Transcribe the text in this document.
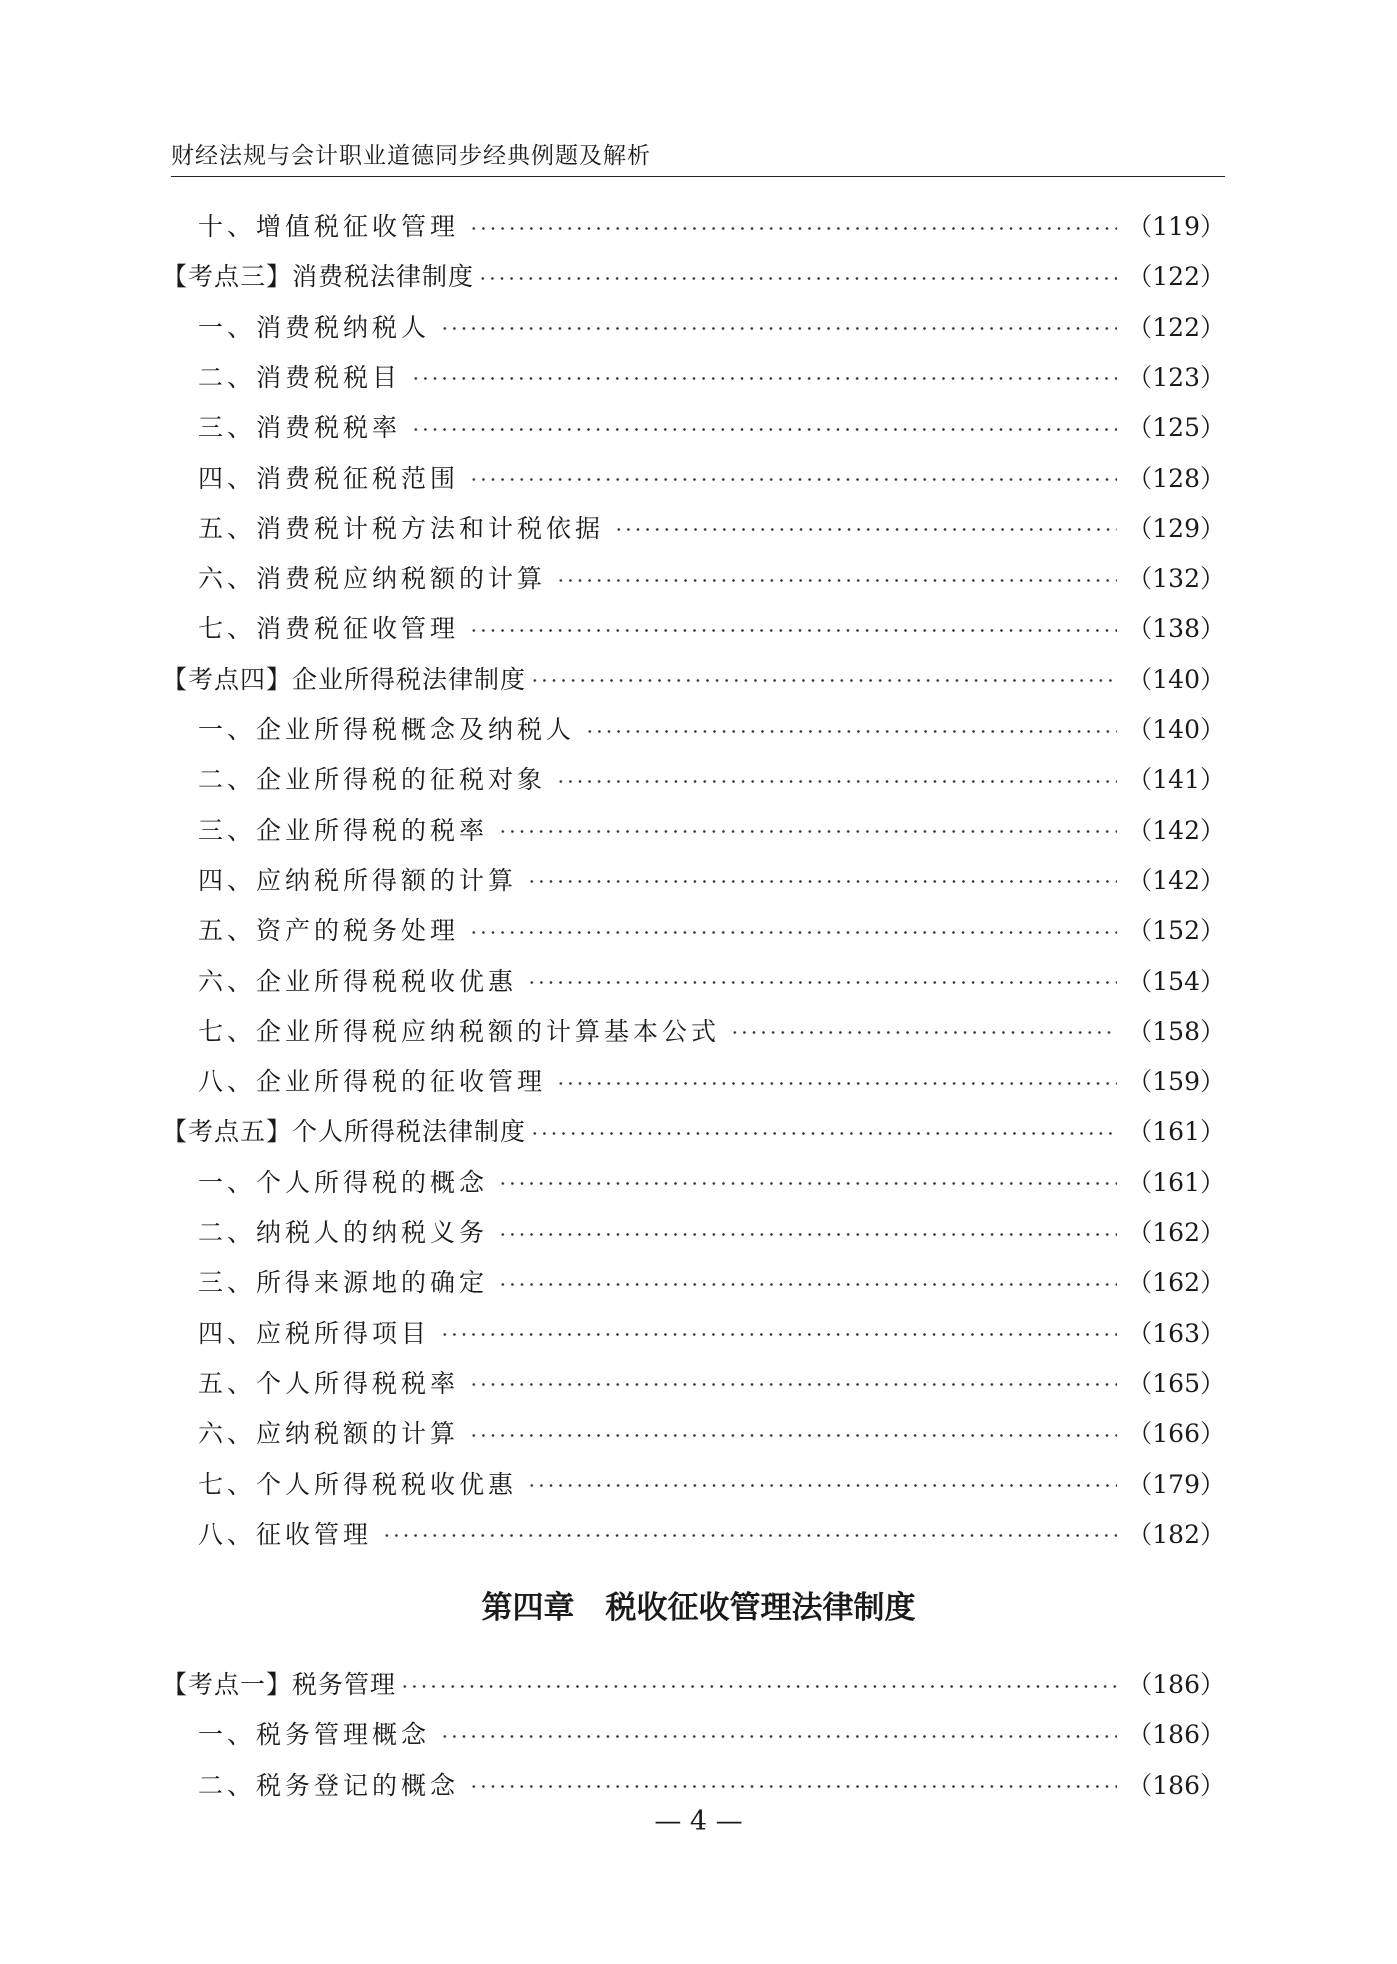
财经法规与会计职业道德同步经典例题及解析
十、增值税征收管理	（119）
【考点三】消费税法律制度	（122）
一、消费税纳税人	（122）
二、消费税税目	（123）
三、消费税税率	（125）
四、消费税征税范围	（128）
五、消费税计税方法和计税依据	（129）
六、消费税应纳税额的计算	（132）
七、消费税征收管理	（138）
【考点四】企业所得税法律制度	（140）
一、企业所得税概念及纳税人	（140）
二、企业所得税的征税对象	（141）
三、企业所得税的税率	（142）
四、应纳税所得额的计算	（142）
五、资产的税务处理	（152）
六、企业所得税税收优惠	（154）
七、企业所得税应纳税额的计算基本公式	（158）
八、企业所得税的征收管理	（159）
【考点五】个人所得税法律制度	（161）
一、个人所得税的概念	（161）
二、纳税人的纳税义务	（162）
三、所得来源地的确定	（162）
四、应税所得项目	（163）
五、个人所得税税率	（165）
六、应纳税额的计算	（166）
七、个人所得税税收优惠	（179）
八、征收管理	（182）
【考点一】税务管理	（186）
一、税务管理概念	（186）
二、税务登记的概念	（186）
第四章　税收征收管理法律制度
— 4 —
